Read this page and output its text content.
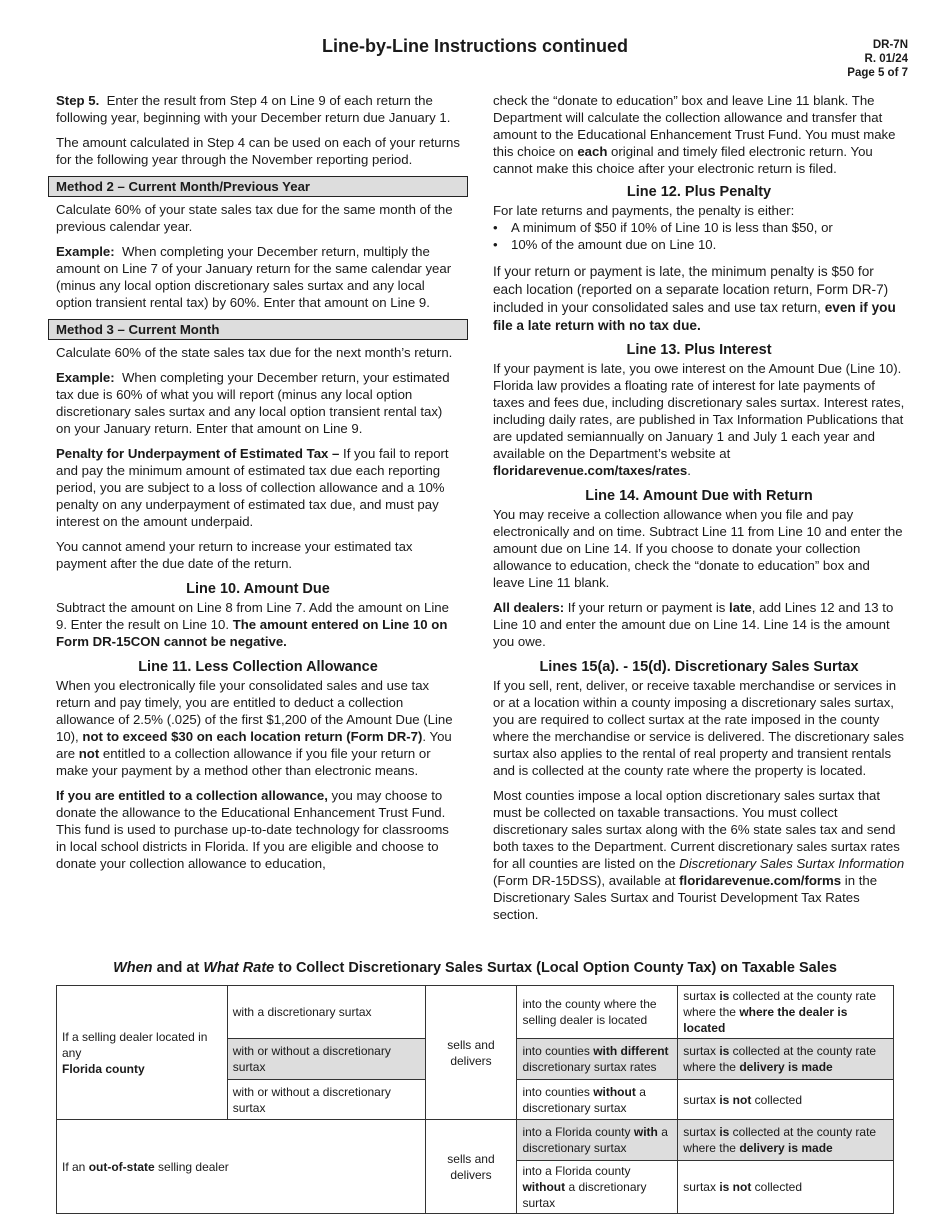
Line-by-Line Instructions continued	DR-7N
R. 01/24
Page 5 of 7

Step 5. Enter the result from Step 4 on Line 9 of each return the following year, beginning with your December return due January 1.

The amount calculated in Step 4 can be used on each of your returns for the following year through the November reporting period.

Method 2 – Current Month/Previous Year

Calculate 60% of your state sales tax due for the same month of the previous calendar year.

Example: When completing your December return, multiply the amount on Line 7 of your January return for the same calendar year (minus any local option discretionary sales surtax and any local option transient rental tax) by 60%. Enter that amount on Line 9.

Method 3 – Current Month

Calculate 60% of the state sales tax due for the next month’s return.

Example: When completing your December return, your estimated tax due is 60% of what you will report (minus any local option discretionary sales surtax and any local option transient rental tax) on your January return. Enter that amount on Line 9.

Penalty for Underpayment of Estimated Tax – If you fail to report and pay the minimum amount of estimated tax due each reporting period, you are subject to a loss of collection allowance and a 10% penalty on any underpayment of estimated tax due, and must pay interest on the amount underpaid.

You cannot amend your return to increase your estimated tax payment after the due date of the return.

Line 10. Amount Due

Subtract the amount on Line 8 from Line 7. Add the amount on Line 9. Enter the result on Line 10. The amount entered on Line 10 on Form DR-15CON cannot be negative.

Line 11. Less Collection Allowance

When you electronically file your consolidated sales and use tax return and pay timely, you are entitled to deduct a collection allowance of 2.5% (.025) of the first $1,200 of the Amount Due (Line 10), not to exceed $30 on each location return (Form DR-7). You are not entitled to a collection allowance if you file your return or make your payment by a method other than electronic means.

If you are entitled to a collection allowance, you may choose to donate the allowance to the Educational Enhancement Trust Fund. This fund is used to purchase up-to-date technology for classrooms in local school districts in Florida. If you are eligible and choose to donate your collection allowance to education,

check the “donate to education” box and leave Line 11 blank. The Department will calculate the collection allowance and transfer that amount to the Educational Enhancement Trust Fund. You must make this choice on each original and timely filed electronic return. You cannot make this choice after your electronic return is filed.

Line 12. Plus Penalty
For late returns and payments, the penalty is either:
• A minimum of $50 if 10% of Line 10 is less than $50, or
• 10% of the amount due on Line 10.

If your return or payment is late, the minimum penalty is $50 for each location (reported on a separate location return, Form DR-7) included in your consolidated sales and use tax return, even if you file a late return with no tax due.

Line 13. Plus Interest

If your payment is late, you owe interest on the Amount Due (Line 10). Florida law provides a floating rate of interest for late payments of taxes and fees due, including discretionary sales surtax. Interest rates, including daily rates, are published in Tax Information Publications that are updated semiannually on January 1 and July 1 each year and available on the Department’s website at floridarevenue.com/taxes/rates.

Line 14. Amount Due with Return

You may receive a collection allowance when you file and pay electronically and on time. Subtract Line 11 from Line 10 and enter the amount due on Line 14. If you choose to donate your collection allowance to education, check the “donate to education” box and leave Line 11 blank.

All dealers: If your return or payment is late, add Lines 12 and 13 to Line 10 and enter the amount due on Line 14. Line 14 is the amount you owe.

Lines 15(a). - 15(d). Discretionary Sales Surtax

If you sell, rent, deliver, or receive taxable merchandise or services in or at a location within a county imposing a discretionary sales surtax, you are required to collect surtax at the rate imposed in the county where the merchandise or service is delivered. The discretionary sales surtax also applies to the rental of real property and transient rentals and is collected at the county rate where the property is located.

Most counties impose a local option discretionary sales surtax that must be collected on taxable transactions. You must collect discretionary sales surtax along with the 6% state sales tax and send both taxes to the Department. Current discretionary sales surtax rates for all counties are listed on the Discretionary Sales Surtax Information (Form DR-15DSS), available at floridarevenue.com/forms in the Discretionary Sales Surtax and Tourist Development Tax Rates section.

When and at What Rate to Collect Discretionary Sales Surtax (Local Option County Tax) on Taxable Sales
If a selling dealer located in any
Florida county	with a discretionary surtax	sells and delivers	into the county where the selling dealer is located	surtax is collected at the county rate where the where the dealer is located
	with or without a discretionary surtax		into counties with different discretionary surtax rates	surtax is collected at the county rate where the delivery is made
	with or without a discretionary surtax		into counties without a discretionary surtax	surtax is not collected
If an out-of-state selling dealer		sells and delivers	into a Florida county with a discretionary surtax	surtax is collected at the county rate where the delivery is made
			into a Florida county without a discretionary surtax	surtax is not collected
